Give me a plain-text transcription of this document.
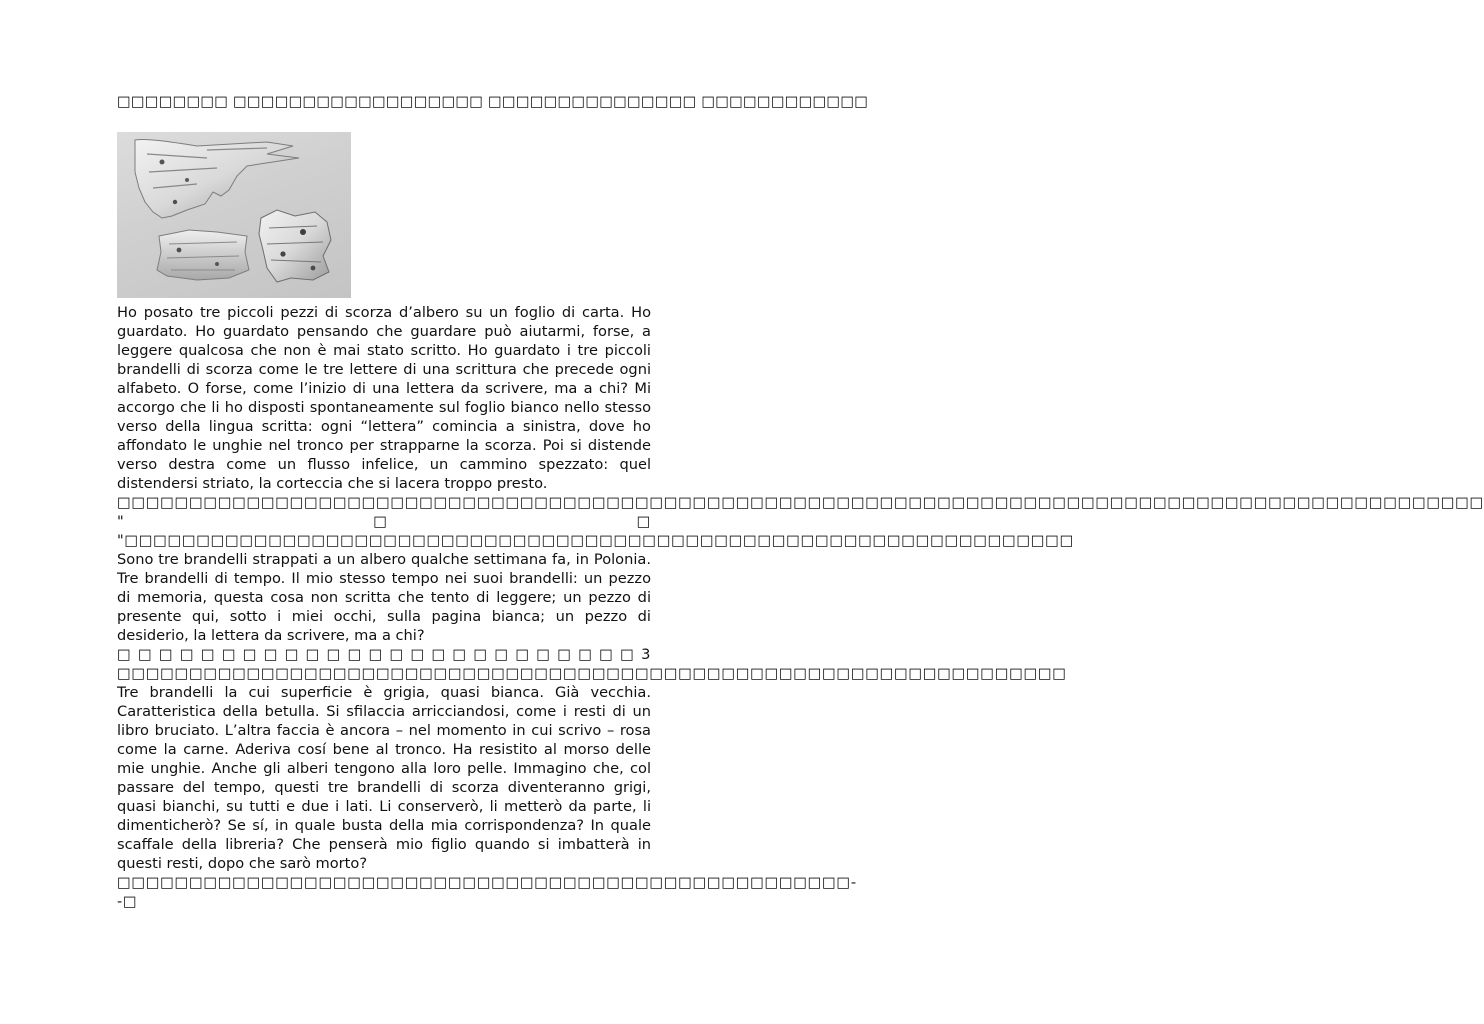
□□□□□□□□ □□□□□□□□□□□□□□□□□□ □□□□□□□□□□□□□□□ □□□□□□□□□□□□

Ho posato tre piccoli pezzi di scorza d’albero su un foglio di carta. Ho guardato. Ho guardato pensando che guardare può aiutarmi, forse, a leggere qualcosa che non è mai stato scritto. Ho guardato i tre piccoli brandelli di scorza come le tre lettere di una scrittura che precede ogni alfabeto. O forse, come l’inizio di una lettera da scrivere, ma a chi? Mi accorgo che li ho disposti spontaneamente sul foglio bianco nello stesso verso della lingua scritta: ogni “lettera” comincia a sinistra, dove ho affondato le unghie nel tronco per strapparne la scorza. Poi si distende verso destra come un flusso infelice, un cammino spezzato: quel distendersi striato, la corteccia che si lacera troppo presto.

□□□□□□□□□□□□□□□□□□□□□□□□□□□□□□□□□□□□□□□□□□□□□□□□□□□□□□□□□□□□□□□□□□□□□□□□□□□□□□□□□□□□□□□□□□□□□□□ "□□ "□□□□□□□□□□□□□□□□□□□□□□□□□□□□□□□□□□□□□□□□□□□□□□□□□□□□□□□□□□□□□□□□□□

Sono tre brandelli strappati a un albero qualche settimana fa, in Polonia. Tre brandelli di tempo. Il mio stesso tempo nei suoi brandelli: un pezzo di memoria, questa cosa non scritta che tento di leggere; un pezzo di presente qui, sotto i miei occhi, sulla pagina bianca; un pezzo di desiderio, la lettera da scrivere, ma a chi?

□□□□□□□□□□□□□□□□□□□□□□□□□3 □□□□□□□□□□□□□□□□□□□□□□□□□□□□□□□□□□□□□□□□□□□□□□□□□□□□□□□□□□□□□□□□□□

Tre brandelli la cui superficie è grigia, quasi bianca. Già vecchia. Caratteristica della betulla. Si sfilaccia arricciandosi, come i resti di un libro bruciato. L’altra faccia è ancora – nel momento in cui scrivo – rosa come la carne. Aderiva cosí bene al tronco. Ha resistito al morso delle mie unghie. Anche gli alberi tengono alla loro pelle. Immagino che, col passare del tempo, questi tre brandelli di scorza diventeranno grigi, quasi bianchi, su tutti e due i lati. Li conserverò, li metterò da parte, li dimenticherò? Se sí, in quale busta della mia corrispondenza? In quale scaffale della libreria? Che penserà mio figlio quando si imbatterà in questi resti, dopo che sarò morto?

□□□□□□□□□□□□□□□□□□□□□□□□□□□□□□□□□□□□□□□□□□□□□□□□□□□--□
